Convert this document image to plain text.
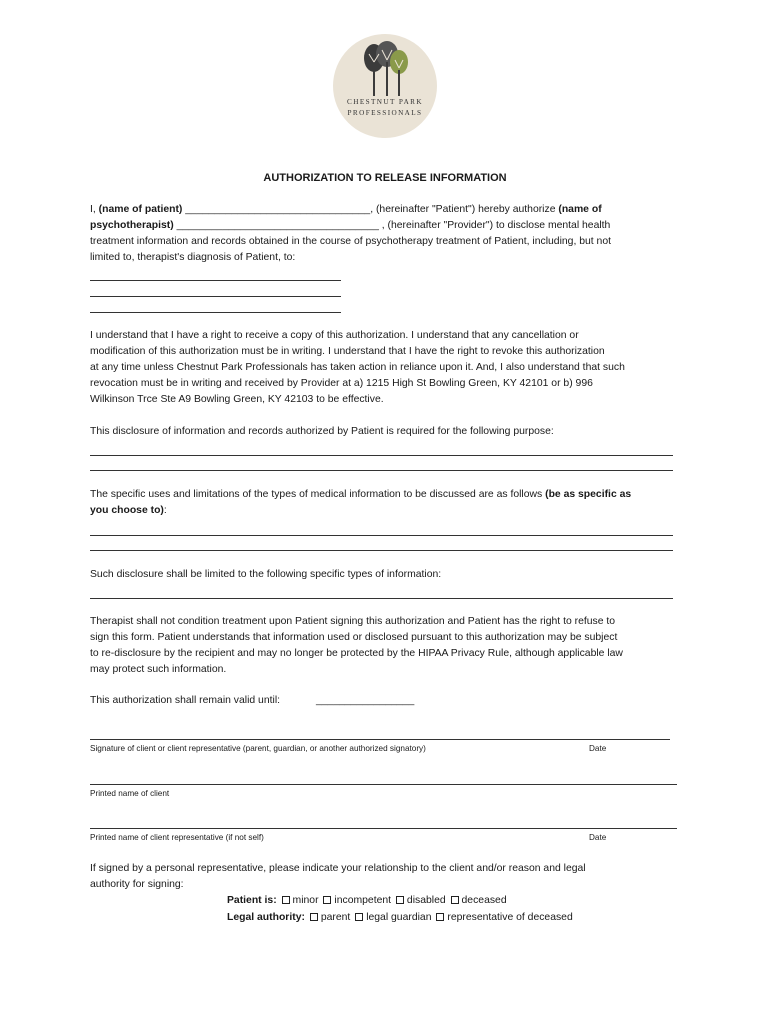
CHESTNUT PARK
PROFESSIONALS
AUTHORIZATION TO RELEASE INFORMATION
I, (name of patient) ________________________________, (hereinafter "Patient") hereby authorize (name of
psychotherapist) ___________________________________ , (hereinafter "Provider") to disclose mental health
treatment information and records obtained in the course of psychotherapy treatment of Patient, including, but not
limited to, therapist's diagnosis of Patient, to:
I understand that I have a right to receive a copy of this authorization. I understand that any cancellation or
modification of this authorization must be in writing. I understand that I have the right to revoke this authorization
at any time unless Chestnut Park Professionals has taken action in reliance upon it. And, I also understand that such
revocation must be in writing and received by Provider at a) 1215 High St Bowling Green, KY 42101 or b) 996
Wilkinson Trce Ste A9 Bowling Green, KY 42103 to be effective.
This disclosure of information and records authorized by Patient is required for the following purpose:
The specific uses and limitations of the types of medical information to be discussed are as follows (be as specific as
you choose to):
Such disclosure shall be limited to the following specific types of information:
Therapist shall not condition treatment upon Patient signing this authorization and Patient has the right to refuse to
sign this form. Patient understands that information used or disclosed pursuant to this authorization may be subject
to re-disclosure by the recipient and may no longer be protected by the HIPAA Privacy Rule, although applicable law
may protect such information.
This authorization shall remain valid until:	_________________
Signature of client or client representative (parent, guardian, or another authorized signatory)	Date
Printed name of client
Printed name of client representative (if not self)	Date
If signed by a personal representative, please indicate your relationship to the client and/or reason and legal
authority for signing:
Patient is: minor incompetent disabled deceased
Legal authority: parent legal guardian representative of deceased
